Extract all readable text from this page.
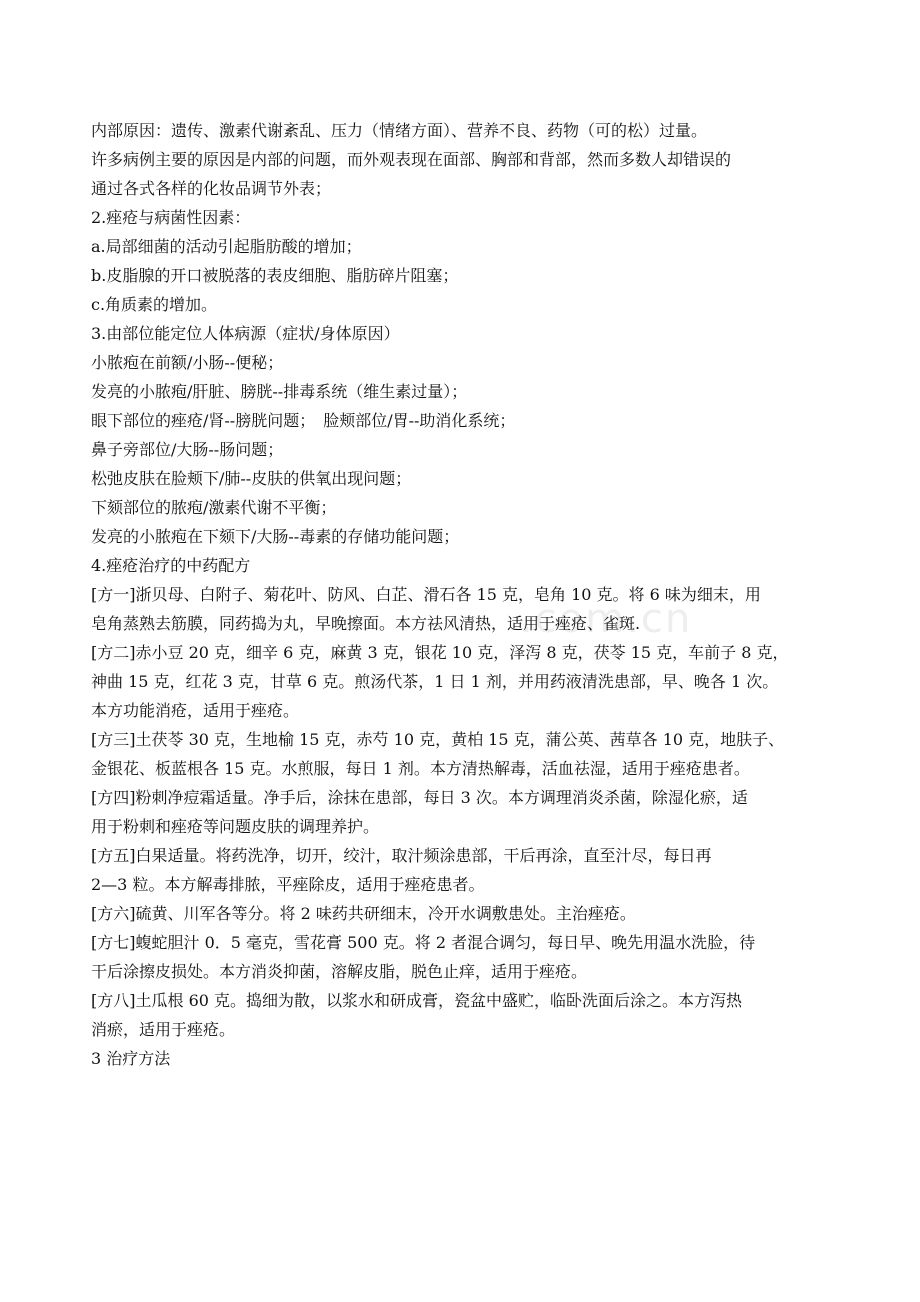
.com.cn
内部原因：遗传、激素代谢紊乱、压力（情绪方面）、营养不良、药物（可的松）过量。
许多病例主要的原因是内部的问题，而外观表现在面部、胸部和背部，然而多数人却错误的
通过各式各样的化妆品调节外表；
2.痤疮与病菌性因素：
a.局部细菌的活动引起脂肪酸的增加；
b.皮脂腺的开口被脱落的表皮细胞、脂肪碎片阻塞；
c.角质素的增加。
3.由部位能定位人体病源（症状/身体原因）
小脓疱在前额/小肠--便秘；
发亮的小脓疱/肝脏、膀胱--排毒系统（维生素过量）；
眼下部位的痤疮/肾--膀胱问题；　脸颊部位/胃--助消化系统；
鼻子旁部位/大肠--肠问题；
松弛皮肤在脸颊下/肺--皮肤的供氧出现问题；
下颏部位的脓疱/激素代谢不平衡；
发亮的小脓疱在下颏下/大肠--毒素的存储功能问题；
4.痤疮治疗的中药配方
[方一]浙贝母、白附子、菊花叶、防风、白芷、滑石各 15 克，皂角 10 克。将 6 味为细末，用
皂角蒸熟去筋膜，同药捣为丸，早晚擦面。本方祛风清热，适用于痤疮、雀斑.
[方二]赤小豆 20 克，细辛 6 克，麻黄 3 克，银花 10 克，泽泻 8 克，茯苓 15 克，车前子 8 克，
神曲 15 克，红花 3 克，甘草 6 克。煎汤代茶，1 日 1 剂，并用药液清洗患部，早、晚各 1 次。
本方功能消疮，适用于痤疮。
[方三]土茯苓 30 克，生地榆 15 克，赤芍 10 克，黄柏 15 克，蒲公英、茜草各 10 克，地肤子、
金银花、板蓝根各 15 克。水煎服，每日 1 剂。本方清热解毒，活血祛湿，适用于痤疮患者。
[方四]粉刺净痘霜适量。净手后，涂抹在患部，每日 3 次。本方调理消炎杀菌，除湿化瘀，适
用于粉刺和痤疮等问题皮肤的调理养护。
[方五]白果适量。将药洗净，切开，绞汁，取汁频涂患部，干后再涂，直至汁尽，每日再
2—3 粒。本方解毒排脓，平痤除皮，适用于痤疮患者。
[方六]硫黄、川军各等分。将 2 味药共研细末，冷开水调敷患处。主治痤疮。
[方七]蝮蛇胆汁 0．5 毫克，雪花膏 500 克。将 2 者混合调匀，每日早、晚先用温水洗脸，待
干后涂擦皮损处。本方消炎抑菌，溶解皮脂，脱色止痒，适用于痤疮。
[方八]土瓜根 60 克。捣细为散，以浆水和研成膏，瓷盆中盛贮，临卧洗面后涂之。本方泻热
消瘀，适用于痤疮。
3 治疗方法
